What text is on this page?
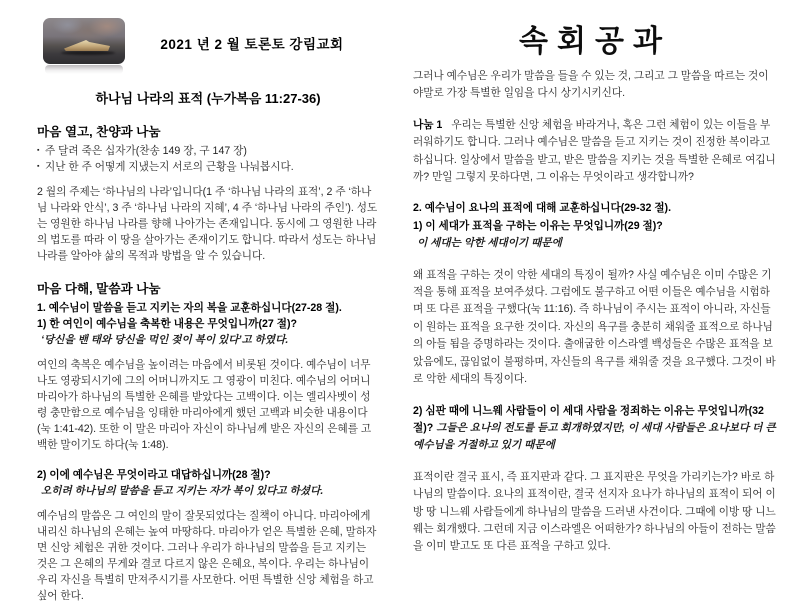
2021 년 2 월 토론토 강림교회
하나님 나라의 표적 (누가복음 11:27-36)
마음 열고, 찬양과 나눔
▪ 주 달려 죽은 십자가(찬송 149 장, 구 147 장)
▪ 지난 한 주 어떻게 지냈는지 서로의 근황을 나눠봅시다.

2 월의 주제는 ‘하나님의 나라’입니다(1 주 ‘하나님 나라의 표적’, 2 주 ‘하나님 나라와 안식’, 3 주 ‘하나님 나라의 지혜’, 4 주 ‘하나님 나라의 주인’). 성도는 영원한 하나님 나라를 향해 나아가는 존재입니다. 동시에 그 영원한 나라의 법도를 따라 이 땅을 살아가는 존재이기도 합니다. 따라서 성도는 하나님 나라를 알아야 삶의 목적과 방법을 알 수 있습니다.

마음 다해, 말씀과 나눔
1. 예수님이 말씀을 듣고 지키는 자의 복을 교훈하십니다(27-28 절).
1) 한 여인이 예수님을 축복한 내용은 무엇입니까(27 절)?
‘당신을 밴 태와 당신을 먹인 젖이 복이 있다’고 하였다.

여인의 축복은 예수님을 높이려는 마음에서 비롯된 것이다. 예수님이 너무나도 영광되시기에 그의 어머니까지도 그 영광이 미친다. 예수님의 어머니 마리아가 하나님의 특별한 은혜를 받았다는 고백이다. 이는 엘리사벳이 성령 충만함으로 예수님을 잉태한 마리아에게 했던 고백과 비슷한 내용이다(눅 1:41-42). 또한 이 말은 마리아 자신이 하나님께 받은 자신의 은혜를 고백한 말이기도 하다(눅 1:48).

2) 이에 예수님은 무엇이라고 대답하십니까(28 절)?
오히려 하나님의 말씀을 듣고 지키는 자가 복이 있다고 하셨다.

예수님의 말씀은 그 여인의 말이 잘못되었다는 질책이 아니다. 마리아에게 내리신 하나님의 은혜는 높여 마땅하다. 마리아가 얻은 특별한 은혜, 말하자면 신앙 체험은 귀한 것이다. 그러나 우리가 하나님의 말씀을 듣고 지키는 것은 그 은혜의 무게와 결코 다르지 않은 은혜요, 복이다. 우리는 하나님이 우리 자신을 특별히 만져주시기를 사모한다. 어떤 특별한 신앙 체험을 하고 싶어 한다.

속회공과

그러나 예수님은 우리가 말씀을 들을 수 있는 것, 그리고 그 말씀을 따르는 것이야말로 가장 특별한 일임을 다시 상기시키신다.

나눔 1 우리는 특별한 신앙 체험을 바라거나, 혹은 그런 체험이 있는 이들을 부러워하기도 합니다. 그러나 예수님은 말씀을 듣고 지키는 것이 진정한 복이라고 하십니다. 일상에서 말씀을 받고, 받은 말씀을 지키는 것을 특별한 은혜로 여깁니까? 만일 그렇지 못하다면, 그 이유는 무엇이라고 생각합니까?

2. 예수님이 요나의 표적에 대해 교훈하십니다(29-32 절).
1) 이 세대가 표적을 구하는 이유는 무엇입니까(29 절)?
이 세대는 악한 세대이기 때문에

왜 표적을 구하는 것이 악한 세대의 특징이 될까? 사실 예수님은 이미 수많은 기적을 통해 표적을 보여주셨다. 그럼에도 불구하고 어떤 이들은 예수님을 시험하며 또 다른 표적을 구했다(눅 11:16). 즉 하나님이 주시는 표적이 아니라, 자신들이 원하는 표적을 요구한 것이다. 자신의 욕구를 충분히 채워줄 표적으로 하나님의 아들 됨을 증명하라는 것이다. 출애굽한 이스라엘 백성들은 수많은 표적을 보았음에도, 끊임없이 불평하며, 자신들의 욕구를 채워줄 것을 요구했다. 그것이 바로 악한 세대의 특징이다.

2) 심판 때에 니느웨 사람들이 이 세대 사람을 정죄하는 이유는 무엇입니까(32 절)? 그들은 요나의 전도를 듣고 회개하였지만, 이 세대 사람들은 요나보다 더 큰 예수님을 거절하고 있기 때문에

표적이란 결국 표시, 즉 표지판과 같다. 그 표지판은 무엇을 가리키는가? 바로 하나님의 말씀이다. 요나의 표적이란, 결국 선지자 요나가 하나님의 표적이 되어 이방 땅 니느웨 사람들에게 하나님의 말씀을 드러낸 사건이다. 그때에 이방 땅 니느웨는 회개했다. 그런데 지금 이스라엘은 어떠한가? 하나님의 아들이 전하는 말씀을 이미 받고도 또 다른 표적을 구하고 있다.
